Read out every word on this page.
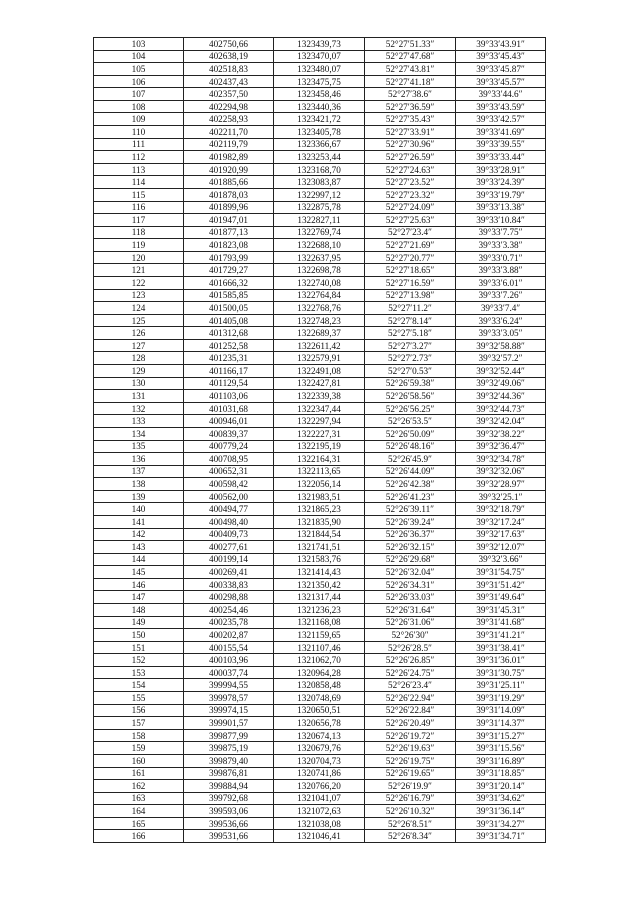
103	402750,66	1323439,73	52°27′51.33″	39°33′43.91″
104	402638,19	1323470,07	52°27′47.68″	39°33′45.43″
105	402518,83	1323480,07	52°27′43.81″	39°33′45.87″
106	402437,43	1323475,75	52°27′41.18″	39°33′45.57″
107	402357,50	1323458,46	52°27′38.6″	39°33′44.6″
108	402294,98	1323440,36	52°27′36.59″	39°33′43.59″
109	402258,93	1323421,72	52°27′35.43″	39°33′42.57″
110	402211,70	1323405,78	52°27′33.91″	39°33′41.69″
111	402119,79	1323366,67	52°27′30.96″	39°33′39.55″
112	401982,89	1323253,44	52°27′26.59″	39°33′33.44″
113	401920,99	1323168,70	52°27′24.63″	39°33′28.91″
114	401885,66	1323083,87	52°27′23.52″	39°33′24.39″
115	401878,03	1322997,12	52°27′23.32″	39°33′19.79″
116	401899,96	1322875,78	52°27′24.09″	39°33′13.38″
117	401947,01	1322827,11	52°27′25.63″	39°33′10.84″
118	401877,13	1322769,74	52°27′23.4″	39°33′7.75″
119	401823,08	1322688,10	52°27′21.69″	39°33′3.38″
120	401793,99	1322637,95	52°27′20.77″	39°33′0.71″
121	401729,27	1322698,78	52°27′18.65″	39°33′3.88″
122	401666,32	1322740,08	52°27′16.59″	39°33′6.01″
123	401585,85	1322764,84	52°27′13.98″	39°33′7.26″
124	401500,05	1322768,76	52°27′11.2″	39°33′7.4″
125	401405,08	1322748,23	52°27′8.14″	39°33′6.24″
126	401312,68	1322689,37	52°27′5.18″	39°33′3.05″
127	401252,58	1322611,42	52°27′3.27″	39°32′58.88″
128	401235,31	1322579,91	52°27′2.73″	39°32′57.2″
129	401166,17	1322491,08	52°27′0.53″	39°32′52.44″
130	401129,54	1322427,81	52°26′59.38″	39°32′49.06″
131	401103,06	1322339,38	52°26′58.56″	39°32′44.36″
132	401031,68	1322347,44	52°26′56.25″	39°32′44.73″
133	400946,01	1322297,94	52°26′53.5″	39°32′42.04″
134	400839,37	1322227,31	52°26′50.09″	39°32′38.22″
135	400779,24	1322195,19	52°26′48.16″	39°32′36.47″
136	400708,95	1322164,31	52°26′45.9″	39°32′34.78″
137	400652,31	1322113,65	52°26′44.09″	39°32′32.06″
138	400598,42	1322056,14	52°26′42.38″	39°32′28.97″
139	400562,00	1321983,51	52°26′41.23″	39°32′25.1″
140	400494,77	1321865,23	52°26′39.11″	39°32′18.79″
141	400498,40	1321835,90	52°26′39.24″	39°32′17.24″
142	400409,73	1321844,54	52°26′36.37″	39°32′17.63″
143	400277,61	1321741,51	52°26′32.15″	39°32′12.07″
144	400199,14	1321583,76	52°26′29.68″	39°32′3.66″
145	400269,41	1321414,43	52°26′32.04″	39°31′54.75″
146	400338,83	1321350,42	52°26′34.31″	39°31′51.42″
147	400298,88	1321317,44	52°26′33.03″	39°31′49.64″
148	400254,46	1321236,23	52°26′31.64″	39°31′45.31″
149	400235,78	1321168,08	52°26′31.06″	39°31′41.68″
150	400202,87	1321159,65	52°26′30″	39°31′41.21″
151	400155,54	1321107,46	52°26′28.5″	39°31′38.41″
152	400103,96	1321062,70	52°26′26.85″	39°31′36.01″
153	400037,74	1320964,28	52°26′24.75″	39°31′30.75″
154	399994,55	1320858,48	52°26′23.4″	39°31′25.11″
155	399978,57	1320748,69	52°26′22.94″	39°31′19.29″
156	399974,15	1320650,51	52°26′22.84″	39°31′14.09″
157	399901,57	1320656,78	52°26′20.49″	39°31′14.37″
158	399877,99	1320674,13	52°26′19.72″	39°31′15.27″
159	399875,19	1320679,76	52°26′19.63″	39°31′15.56″
160	399879,40	1320704,73	52°26′19.75″	39°31′16.89″
161	399876,81	1320741,86	52°26′19.65″	39°31′18.85″
162	399884,94	1320766,20	52°26′19.9″	39°31′20.14″
163	399792,68	1321041,07	52°26′16.79″	39°31′34.62″
164	399593,06	1321072,63	52°26′10.32″	39°31′36.14″
165	399536,66	1321038,08	52°26′8.51″	39°31′34.27″
166	399531,66	1321046,41	52°26′8.34″	39°31′34.71″
